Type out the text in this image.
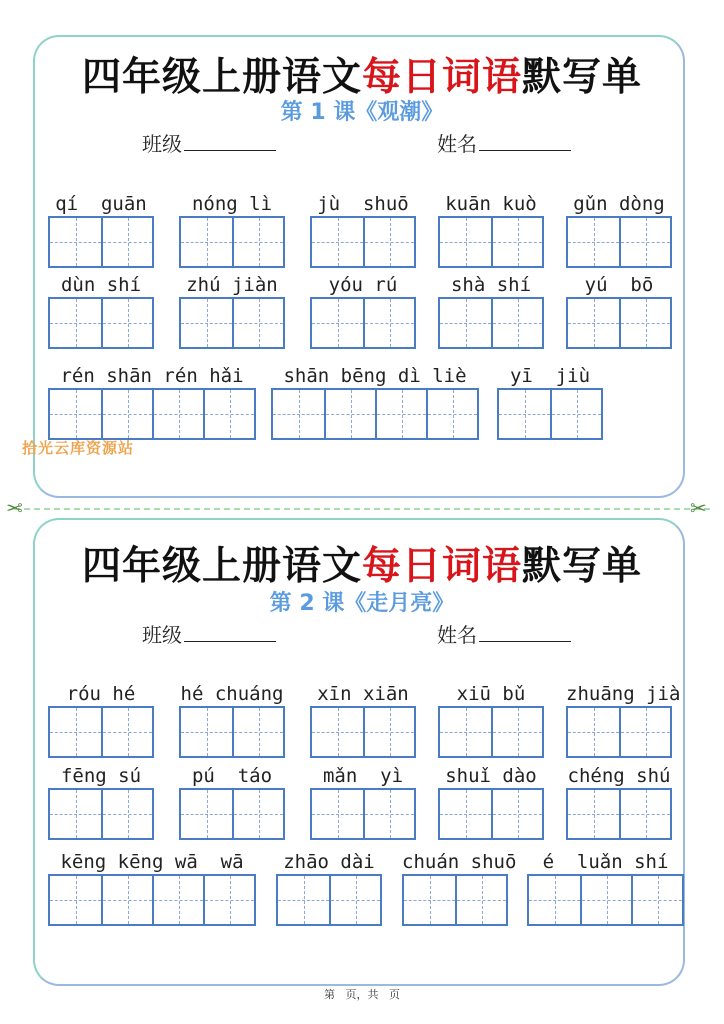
四年级上册语文每日词语默写单
第 1 课《观潮》
班级	姓名
qí  guān	nóng lì	jù  shuō	kuān kuò	gǔn dòng
dùn shí	zhú jiàn	yóu rú	shà shí	yú  bō
rén shān rén hǎi	shān bēng dì liè	yī  jiù
拾光云库资源站
✂	✂
四年级上册语文每日词语默写单
第 2 课《走月亮》
班级	姓名
róu hé	hé chuáng	xīn xiān	xiū bǔ	zhuāng jià
fēng sú	pú  táo	mǎn  yì	shuǐ dào	chéng shú
kēng kēng wā  wā	zhāo dài	chuán shuō	é  luǎn shí
第   页，共   页
